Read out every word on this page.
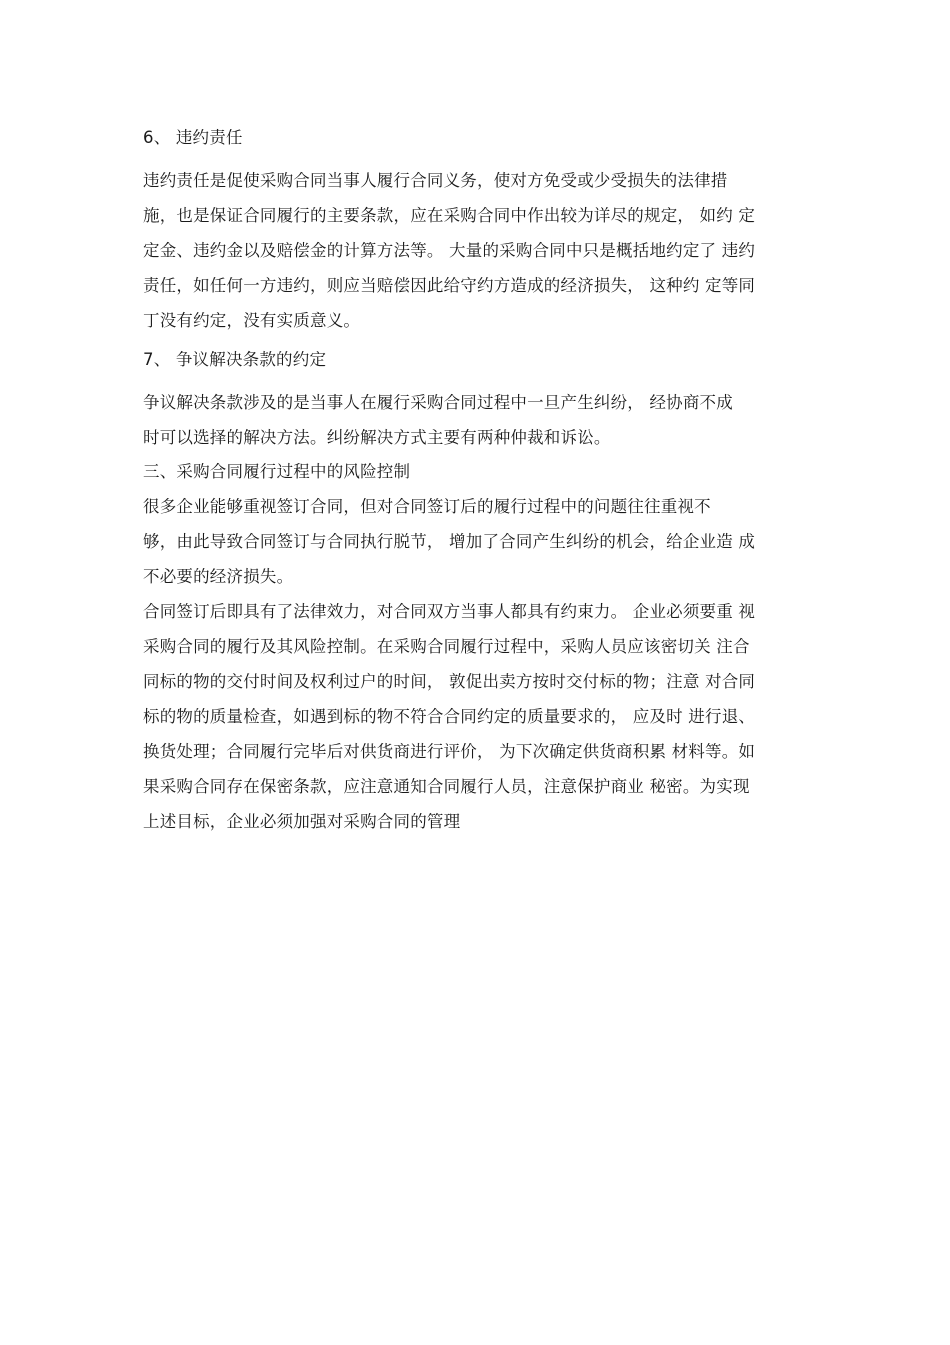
6、 违约责任
违约责任是促使采购合同当事人履行合同义务，使对方免受或少受损失的法律措
施，也是保证合同履行的主要条款，应在采购合同中作出较为详尽的规定， 如约 定
定金、违约金以及赔偿金的计算方法等。 大量的采购合同中只是概括地约定了 违约
责任，如任何一方违约，则应当赔偿因此给守约方造成的经济损失， 这种约 定等同
丁没有约定，没有实质意义。
7、 争议解决条款的约定
争议解决条款涉及的是当事人在履行采购合同过程中一旦产生纠纷， 经协商不成
时可以选择的解决方法。纠纷解决方式主要有两种仲裁和诉讼。
三、采购合同履行过程中的风险控制
很多企业能够重视签订合同，但对合同签订后的履行过程中的问题往往重视不
够，由此导致合同签订与合同执行脱节， 增加了合同产生纠纷的机会，给企业造 成
不必要的经济损失。
合同签订后即具有了法律效力，对合同双方当事人都具有约束力。 企业必须要重 视
采购合同的履行及其风险控制。在采购合同履行过程中，采购人员应该密切关 注合
同标的物的交付时间及权利过户的时间， 敦促出卖方按时交付标的物；注意 对合同
标的物的质量检查，如遇到标的物不符合合同约定的质量要求的， 应及时 进行退、
换货处理；合同履行完毕后对供货商进行评价， 为下次确定供货商积累 材料等。如
果采购合同存在保密条款，应注意通知合同履行人员，注意保护商业 秘密。为实现
上述目标，企业必须加强对采购合同的管理
